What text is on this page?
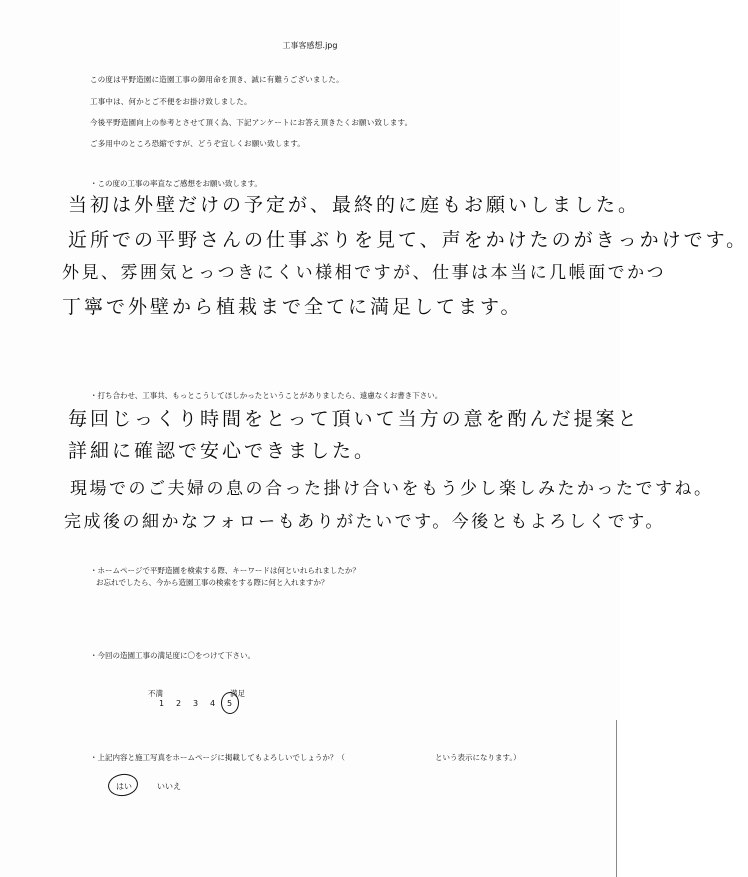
工事客感想.jpg
この度は平野造園に造園工事の御用命を頂き、誠に有難うございました。
工事中は、何かとご不便をお掛け致しました。
今後平野造園向上の参考とさせて頂く為、下記アンケートにお答え頂きたくお願い致します。
ご多用中のところ恐縮ですが、どうぞ宜しくお願い致します。
・この度の工事の率直なご感想をお願い致します。
当初は外壁だけの予定が、最終的に庭もお願いしました。
近所での平野さんの仕事ぶりを見て、声をかけたのがきっかけです。
外見、雰囲気とっつきにくい様相ですが、仕事は本当に几帳面でかつ
丁寧で外壁から植栽まで全てに満足してます。
・打ち合わせ、工事共、もっとこうしてほしかったということがありましたら、遠慮なくお書き下さい。
毎回じっくり時間をとって頂いて当方の意を酌んだ提案と
詳細に確認で安心できました。
現場でのご夫婦の息の合った掛け合いをもう少し楽しみたかったですね。
完成後の細かなフォローもありがたいです。今後ともよろしくです。
・ホームページで平野造園を検索する際、キーワードは何といれられましたか？
お忘れでしたら、今から造園工事の検索をする際に何と入れますか？
・今回の造園工事の満足度に〇をつけて下さい。
不満	満足
1 2 3 4 5
・上記内容と施工写真をホームページに掲載してもよろしいでしょうか？（	という表示になります。）
はい	いいえ
